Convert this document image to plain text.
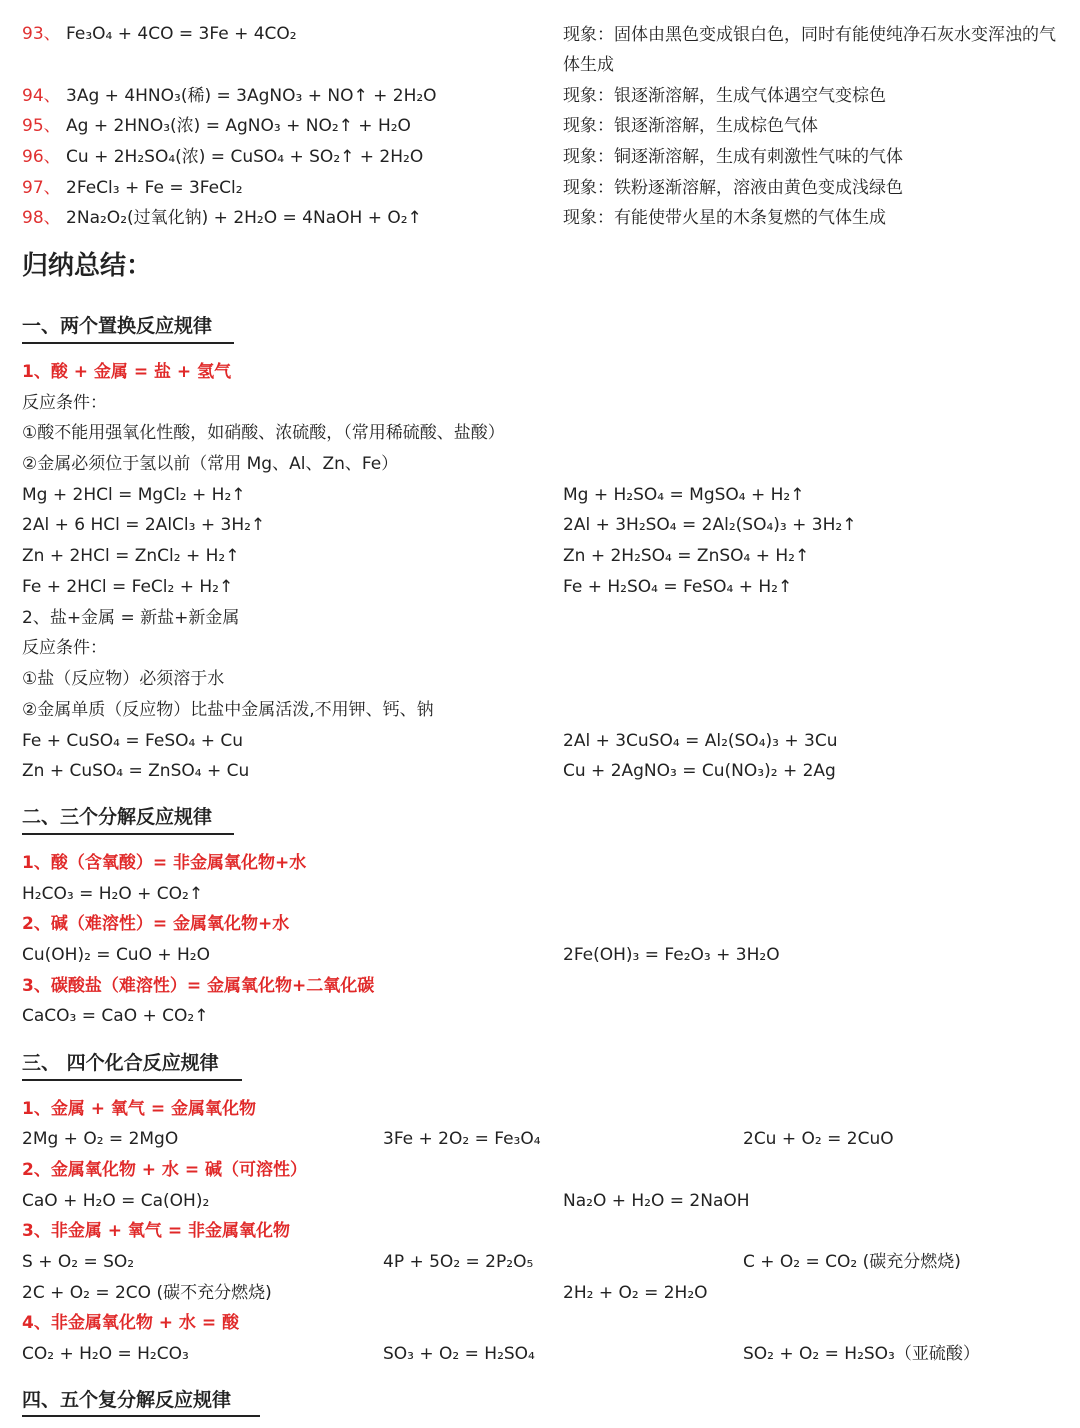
93、 Fe₃O₄ + 4CO = 3Fe + 4CO₂	现象：固体由黑色变成银白色，同时有能使纯净石灰水变浑浊的气体生成
94、 3Ag + 4HNO₃(稀) = 3AgNO₃ + NO↑ + 2H₂O	现象：银逐渐溶解，生成气体遇空气变棕色
95、 Ag + 2HNO₃(浓) = AgNO₃ + NO₂↑ + H₂O	现象：银逐渐溶解，生成棕色气体
96、 Cu + 2H₂SO₄(浓) = CuSO₄ + SO₂↑ + 2H₂O	现象：铜逐渐溶解，生成有刺激性气味的气体
97、 2FeCl₃ + Fe = 3FeCl₂	现象：铁粉逐渐溶解，溶液由黄色变成浅绿色
98、 2Na₂O₂(过氧化钠) + 2H₂O = 4NaOH + O₂↑	现象：有能使带火星的木条复燃的气体生成
归纳总结：
一、两个置换反应规律
1、酸 + 金属 = 盐 + 氢气
反应条件：
①酸不能用强氧化性酸，如硝酸、浓硫酸，（常用稀硫酸、盐酸）
②金属必须位于氢以前（常用 Mg、Al、Zn、Fe）
Mg + 2HCl = MgCl₂ + H₂↑	Mg + H₂SO₄ = MgSO₄ + H₂↑
2Al + 6 HCl = 2AlCl₃ + 3H₂↑	2Al + 3H₂SO₄ = 2Al₂(SO₄)₃ + 3H₂↑
Zn + 2HCl = ZnCl₂ + H₂↑	Zn + 2H₂SO₄ = ZnSO₄ + H₂↑
Fe + 2HCl = FeCl₂ + H₂↑	Fe + H₂SO₄ = FeSO₄ + H₂↑
2、盐+金属 = 新盐+新金属
反应条件：
①盐（反应物）必须溶于水
②金属单质（反应物）比盐中金属活泼,不用钾、钙、钠
Fe + CuSO₄ = FeSO₄ + Cu	2Al + 3CuSO₄ = Al₂(SO₄)₃ + 3Cu
Zn + CuSO₄ = ZnSO₄ + Cu	Cu + 2AgNO₃ = Cu(NO₃)₂ + 2Ag
二、三个分解反应规律
1、酸（含氧酸）= 非金属氧化物+水
H₂CO₃ = H₂O + CO₂↑
2、碱（难溶性）= 金属氧化物+水
Cu(OH)₂ = CuO + H₂O	2Fe(OH)₃ = Fe₂O₃ + 3H₂O
3、碳酸盐（难溶性）= 金属氧化物+二氧化碳
CaCO₃ = CaO + CO₂↑
三、 四个化合反应规律
1、金属 + 氧气 = 金属氧化物
2Mg + O₂ = 2MgO	3Fe + 2O₂ = Fe₃O₄	2Cu + O₂ = 2CuO
2、金属氧化物 + 水 = 碱（可溶性）
CaO + H₂O = Ca(OH)₂	Na₂O + H₂O = 2NaOH
3、非金属 + 氧气 = 非金属氧化物
S + O₂ = SO₂	4P + 5O₂ = 2P₂O₅	C + O₂ = CO₂ (碳充分燃烧)
2C + O₂ = 2CO (碳不充分燃烧)	2H₂ + O₂ = 2H₂O
4、非金属氧化物 + 水 = 酸
CO₂ + H₂O = H₂CO₃	SO₃ + O₂ = H₂SO₄	SO₂ + O₂ = H₂SO₃（亚硫酸）
四、五个复分解反应规律
